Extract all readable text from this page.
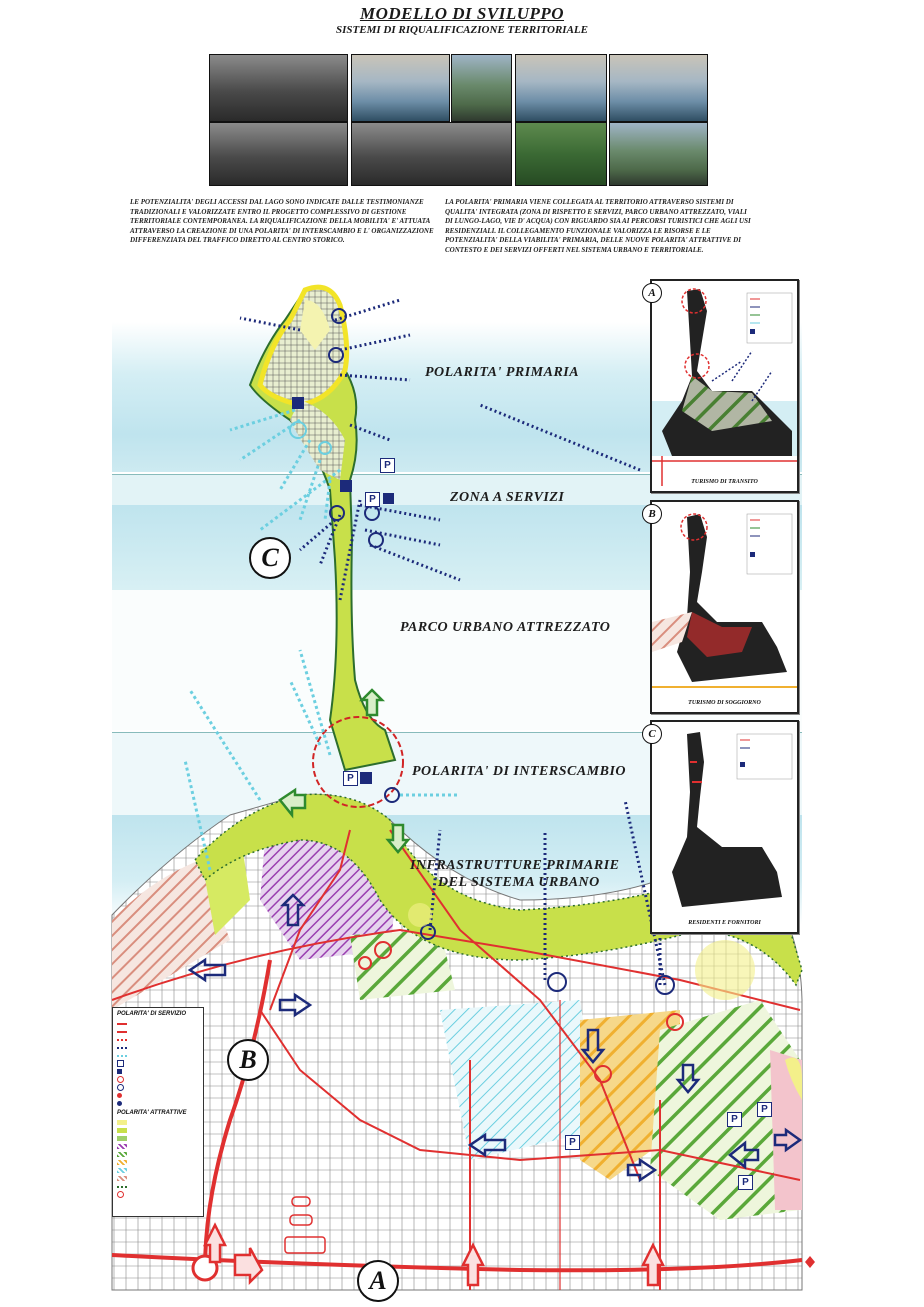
MODELLO DI SVILUPPO
SISTEMI DI RIQUALIFICAZIONE TERRITORIALE
LE POTENZIALITA' DEGLI ACCESSI DAL LAGO SONO INDICATE DALLE TESTIMONIANZE TRADIZIONALI E VALORIZZATE ENTRO IL PROGETTO COMPLESSIVO DI GESTIONE TERRITORIALE CONTEMPORANEA. LA RIQUALIFICAZIONE DELLA MOBILITA' E' ATTUATA ATTRAVERSO LA CREAZIONE DI UNA POLARITA' DI INTERSCAMBIO E L' ORGANIZZAZIONE DIFFERENZIATA DEL TRAFFICO DIRETTO AL CENTRO STORICO.
LA POLARITA' PRIMARIA VIENE COLLEGATA AL TERRITORIO ATTRAVERSO SISTEMI DI QUALITA' INTEGRATA (ZONA DI RISPETTO E SERVIZI, PARCO URBANO ATTREZZATO, VIALI DI LUNGO-LAGO, VIE D' ACQUA) CON RIGUARDO SIA AI PERCORSI TURISTICI CHE AGLI USI RESIDENZIALI. IL COLLEGAMENTO FUNZIONALE VALORIZZA LE RISORSE E LE POTENZIALITA' DELLA VIABILITA' PRIMARIA, DELLE NUOVE POLARITA' ATTRATTIVE DI CONTESTO E DEI SERVIZI OFFERTI NEL SISTEMA URBANO E TERRITORIALE.
P
P
P
P
P
P
P
POLARITA' PRIMARIA
ZONA A SERVIZI
PARCO URBANO ATTREZZATO
POLARITA' DI INTERSCAMBIO
INFRASTRUTTURE PRIMARIE
DEL SISTEMA URBANO
C
B
A
A
TURISMO DI TRANSITO
B
TURISMO DI SOGGIORNO
C
RESIDENTI E FORNITORI
POLARITA' DI SERVIZIO
POLARITA' ATTRATTIVE
